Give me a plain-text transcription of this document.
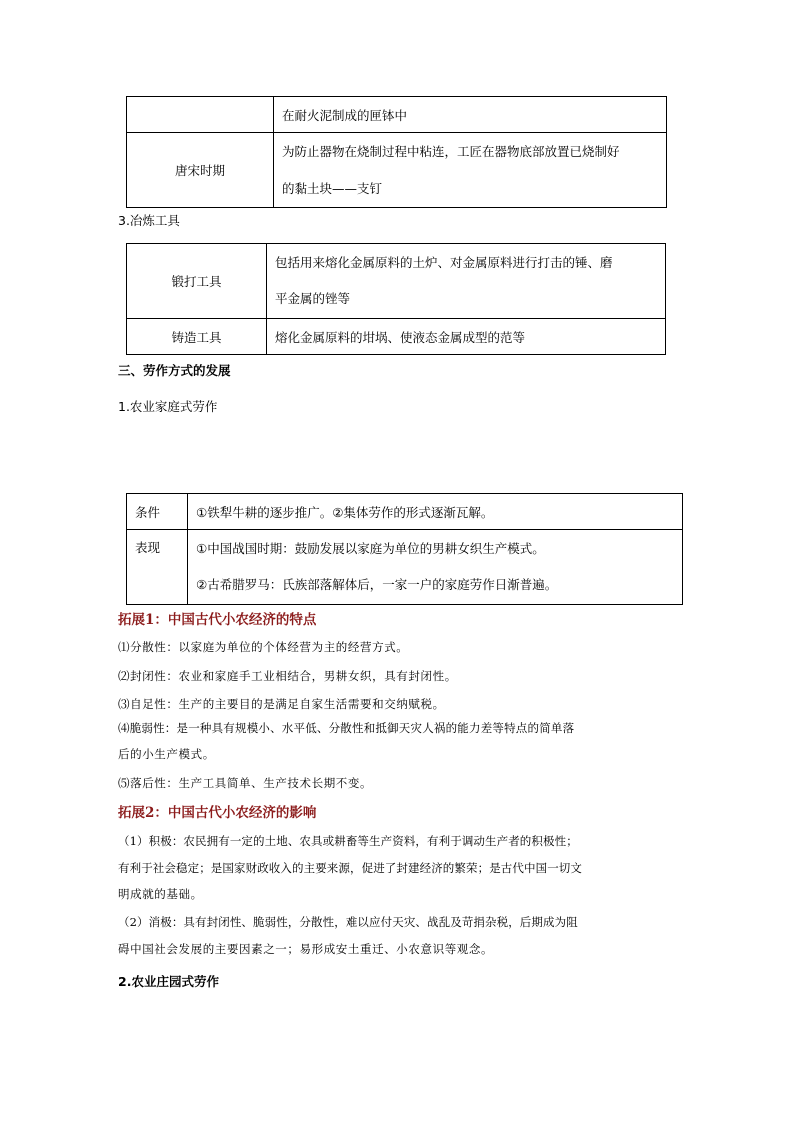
	在耐火泥制成的匣钵中
唐宋时期	为防止器物在烧制过程中粘连，工匠在器物底部放置已烧制好
的黏土块——支钉
3.冶炼工具
锻打工具	包括用来熔化金属原料的土炉、对金属原料进行打击的锤、磨
平金属的锉等

铸造工具	熔化金属原料的坩埚、使液态金属成型的范等
三、劳作方式的发展
1.农业家庭式劳作
条件	①铁犁牛耕的逐步推广。②集体劳作的形式逐渐瓦解。
表现	①中国战国时期：鼓励发展以家庭为单位的男耕女织生产模式。
②古希腊罗马：氏族部落解体后，一家一户的家庭劳作日渐普遍。
拓展1：中国古代小农经济的特点
⑴分散性：以家庭为单位的个体经营为主的经营方式。
⑵封闭性：农业和家庭手工业相结合，男耕女织，具有封闭性。
⑶自足性：生产的主要目的是满足自家生活需要和交纳赋税。
⑷脆弱性：是一种具有规模小、水平低、分散性和抵御天灾人祸的能力差等特点的简单落
后的小生产模式。
⑸落后性：生产工具简单、生产技术长期不变。
拓展2：中国古代小农经济的影响
（1）积极：农民拥有一定的土地、农具或耕畜等生产资料，有利于调动生产者的积极性；
有利于社会稳定；是国家财政收入的主要来源，促进了封建经济的繁荣；是古代中国一切文
明成就的基础。
（2）消极：具有封闭性、脆弱性，分散性，难以应付天灾、战乱及苛捐杂税，后期成为阻
碍中国社会发展的主要因素之一；易形成安土重迁、小农意识等观念。
2.农业庄园式劳作
